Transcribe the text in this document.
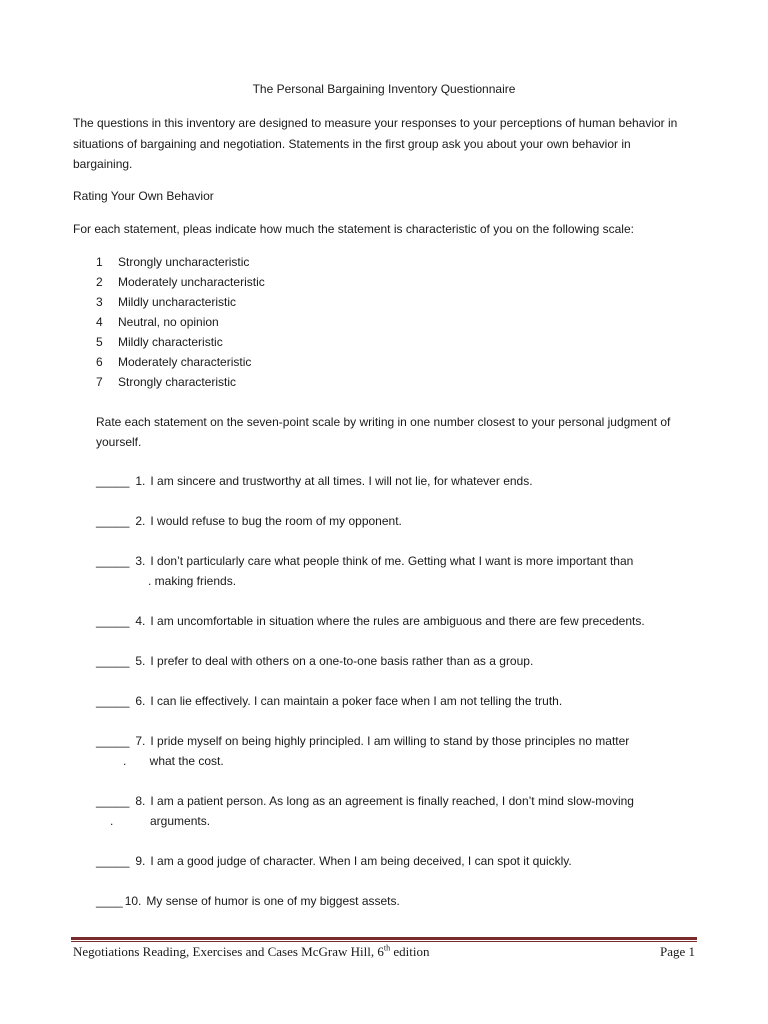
The Personal Bargaining Inventory Questionnaire
The questions in this inventory are designed to measure your responses to your perceptions of human behavior in situations of bargaining and negotiation. Statements in the first group ask you about your own behavior in bargaining.
Rating Your Own Behavior
For each statement, pleas indicate how much the statement is characteristic of you on the following scale:
1	Strongly uncharacteristic
2	Moderately uncharacteristic
3	Mildly uncharacteristic
4	Neutral, no opinion
5	Mildly characteristic
6	Moderately characteristic
7	Strongly characteristic
Rate each statement on the seven-point scale by writing in one number closest to your personal judgment of yourself.
_____ 1. I am sincere and trustworthy at all times. I will not lie, for whatever ends.
_____ 2. I would refuse to bug the room of my opponent.
_____ 3. I don’t particularly care what people think of me. Getting what I want is more important than
. making friends.
_____ 4. I am uncomfortable in situation where the rules are ambiguous and there are few precedents.
_____ 5. I prefer to deal with others on a one-to-one basis rather than as a group.
_____ 6. I can lie effectively. I can maintain a poker face when I am not telling the truth.
_____ 7. I pride myself on being highly principled. I am willing to stand by those principles no matter
.       what the cost.
_____ 8. I am a patient person. As long as an agreement is finally reached, I don’t mind slow-moving
.           arguments.
_____ 9. I am a good judge of character. When I am being deceived, I can spot it quickly.
____ 10. My sense of humor is one of my biggest assets.
Negotiations Reading, Exercises and Cases McGraw Hill, 6th edition	Page 1
